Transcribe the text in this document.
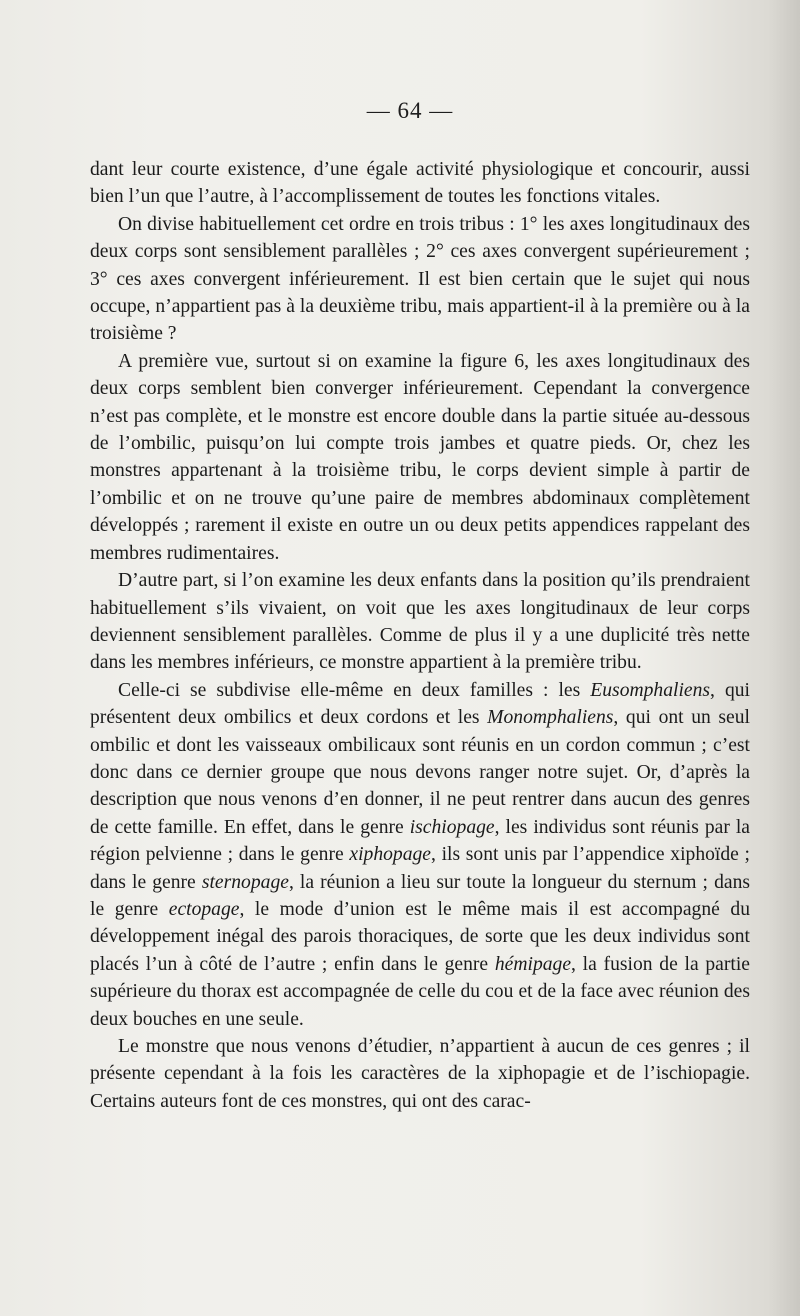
— 64 —

dant leur courte existence, d’une égale activité physiologique et concourir, aussi bien l’un que l’autre, à l’accomplissement de toutes les fonctions vitales.

On divise habituellement cet ordre en trois tribus : 1° les axes longitudinaux des deux corps sont sensiblement parallèles ; 2° ces axes convergent supérieurement ; 3° ces axes convergent inférieurement. Il est bien certain que le sujet qui nous occupe, n’appartient pas à la deuxième tribu, mais appartient-il à la première ou à la troisième ?

A première vue, surtout si on examine la figure 6, les axes longitudinaux des deux corps semblent bien converger inférieurement. Cependant la convergence n’est pas complète, et le monstre est encore double dans la partie située au-dessous de l’ombilic, puisqu’on lui compte trois jambes et quatre pieds. Or, chez les monstres appartenant à la troisième tribu, le corps devient simple à partir de l’ombilic et on ne trouve qu’une paire de membres abdominaux complètement développés ; rarement il existe en outre un ou deux petits appendices rappelant des membres rudimentaires.

D’autre part, si l’on examine les deux enfants dans la position qu’ils prendraient habituellement s’ils vivaient, on voit que les axes longitudinaux de leur corps deviennent sensiblement parallèles. Comme de plus il y a une duplicité très nette dans les membres inférieurs, ce monstre appartient à la première tribu.

Celle-ci se subdivise elle-même en deux familles : les Eusomphaliens, qui présentent deux ombilics et deux cordons et les Monomphaliens, qui ont un seul ombilic et dont les vaisseaux ombilicaux sont réunis en un cordon commun ; c’est donc dans ce dernier groupe que nous devons ranger notre sujet. Or, d’après la description que nous venons d’en donner, il ne peut rentrer dans aucun des genres de cette famille. En effet, dans le genre ischiopage, les individus sont réunis par la région pelvienne ; dans le genre xiphopage, ils sont unis par l’appendice xiphoïde ; dans le genre sternopage, la réunion a lieu sur toute la longueur du sternum ; dans le genre ectopage, le mode d’union est le même mais il est accompagné du développement inégal des parois thoraciques, de sorte que les deux individus sont placés l’un à côté de l’autre ; enfin dans le genre hémipage, la fusion de la partie supérieure du thorax est accompagnée de celle du cou et de la face avec réunion des deux bouches en une seule.

Le monstre que nous venons d’étudier, n’appartient à aucun de ces genres ; il présente cependant à la fois les caractères de la xiphopagie et de l’ischiopagie. Certains auteurs font de ces monstres, qui ont des carac-
